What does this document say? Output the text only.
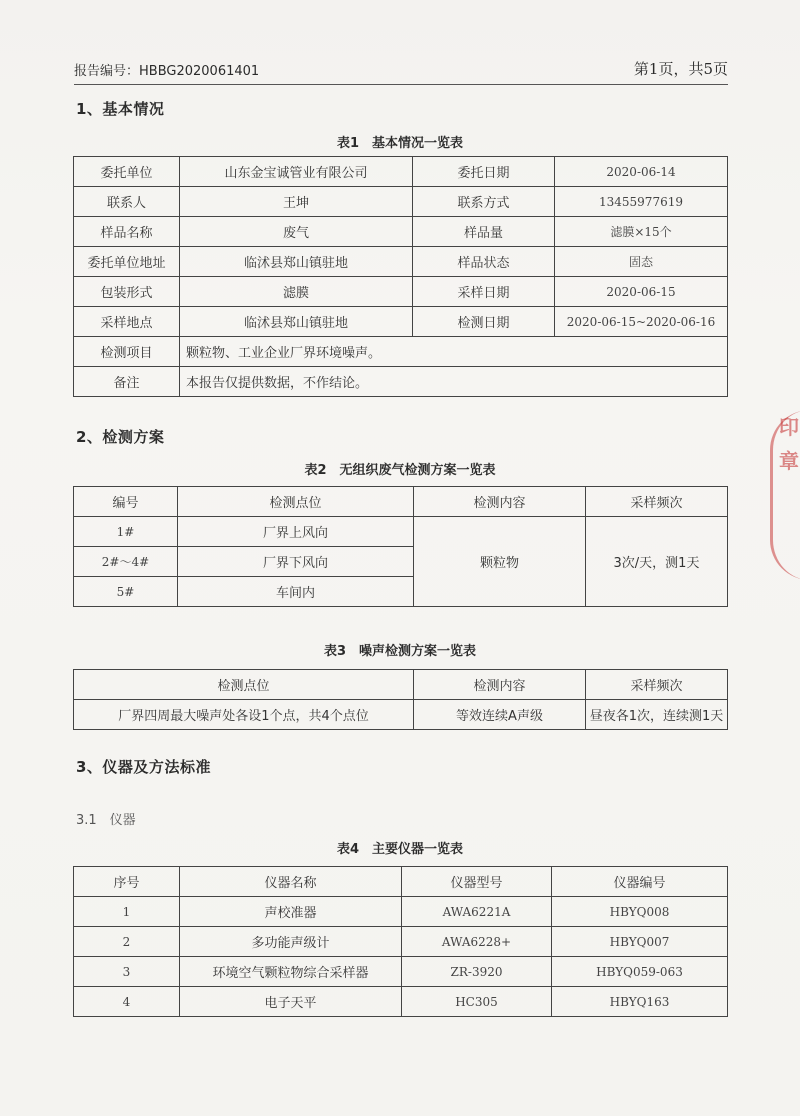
报告编号：HBBG2020061401	第1页，共5页
1、基本情况
表1　基本情况一览表
委托单位	山东金宝诚管业有限公司	委托日期	2020-06-14
联系人	王坤	联系方式	13455977619
样品名称	废气	样品量	滤膜×15个
委托单位地址	临沭县郑山镇驻地	样品状态	固态
包装形式	滤膜	采样日期	2020-06-15
采样地点	临沭县郑山镇驻地	检测日期	2020-06-15~2020-06-16
检测项目	颗粒物、工业企业厂界环境噪声。		
备注	本报告仅提供数据，不作结论。		
2、检测方案
表2　无组织废气检测方案一览表
编号	检测点位	检测内容	采样频次
1#	厂界上风向	颗粒物	3次/天，测1天
2#～4#	厂界下风向		
5#	车间内		
表3　噪声检测方案一览表
检测点位	检测内容	采样频次
厂界四周最大噪声处各设1个点，共4个点位	等效连续A声级	昼夜各1次，连续测1天
3、仪器及方法标准
3.1　仪器
表4　主要仪器一览表
序号	仪器名称	仪器型号	仪器编号
1	声校准器	AWA6221A	HBYQ008
2	多功能声级计	AWA6228+	HBYQ007
3	环境空气颗粒物综合采样器	ZR-3920	HBYQ059-063
4	电子天平	HC305	HBYQ163
印
章
